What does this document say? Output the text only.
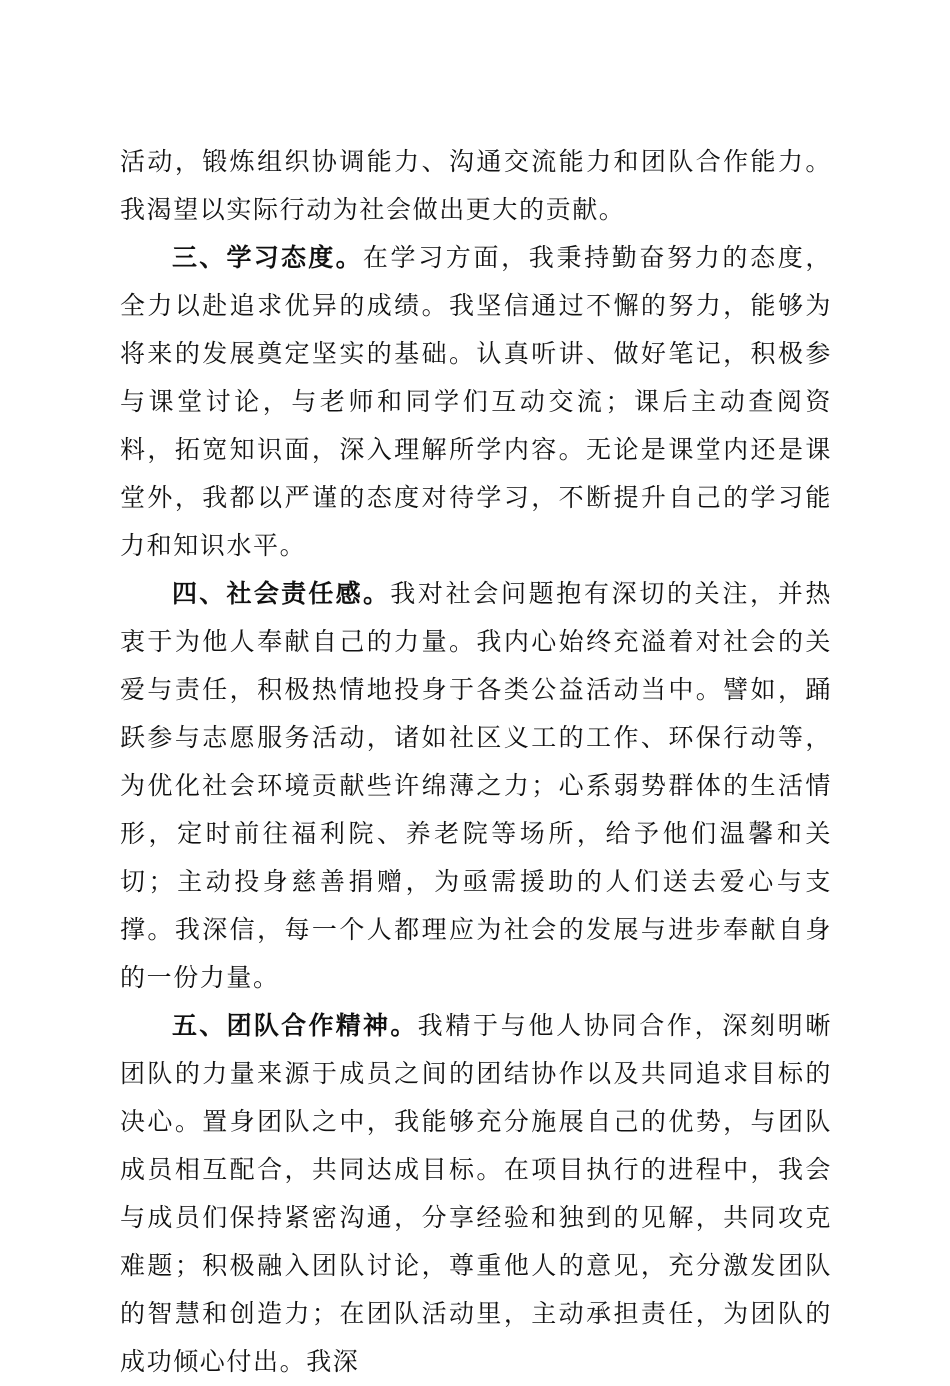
活动，锻炼组织协调能力、沟通交流能力和团队合作能力。我渴望以实际行动为社会做出更大的贡献。

三、学习态度。在学习方面，我秉持勤奋努力的态度，全力以赴追求优异的成绩。我坚信通过不懈的努力，能够为将来的发展奠定坚实的基础。认真听讲、做好笔记，积极参与课堂讨论，与老师和同学们互动交流；课后主动查阅资料，拓宽知识面，深入理解所学内容。无论是课堂内还是课堂外，我都以严谨的态度对待学习，不断提升自己的学习能力和知识水平。

四、社会责任感。我对社会问题抱有深切的关注，并热衷于为他人奉献自己的力量。我内心始终充溢着对社会的关爱与责任，积极热情地投身于各类公益活动当中。譬如，踊跃参与志愿服务活动，诸如社区义工的工作、环保行动等，为优化社会环境贡献些许绵薄之力；心系弱势群体的生活情形，定时前往福利院、养老院等场所，给予他们温馨和关切；主动投身慈善捐赠，为亟需援助的人们送去爱心与支撑。我深信，每一个人都理应为社会的发展与进步奉献自身的一份力量。

五、团队合作精神。我精于与他人协同合作，深刻明晰团队的力量来源于成员之间的团结协作以及共同追求目标的决心。置身团队之中，我能够充分施展自己的优势，与团队成员相互配合，共同达成目标。在项目执行的进程中，我会与成员们保持紧密沟通，分享经验和独到的见解，共同攻克难题；积极融入团队讨论，尊重他人的意见，充分激发团队的智慧和创造力；在团队活动里，主动承担责任，为团队的成功倾心付出。我深
